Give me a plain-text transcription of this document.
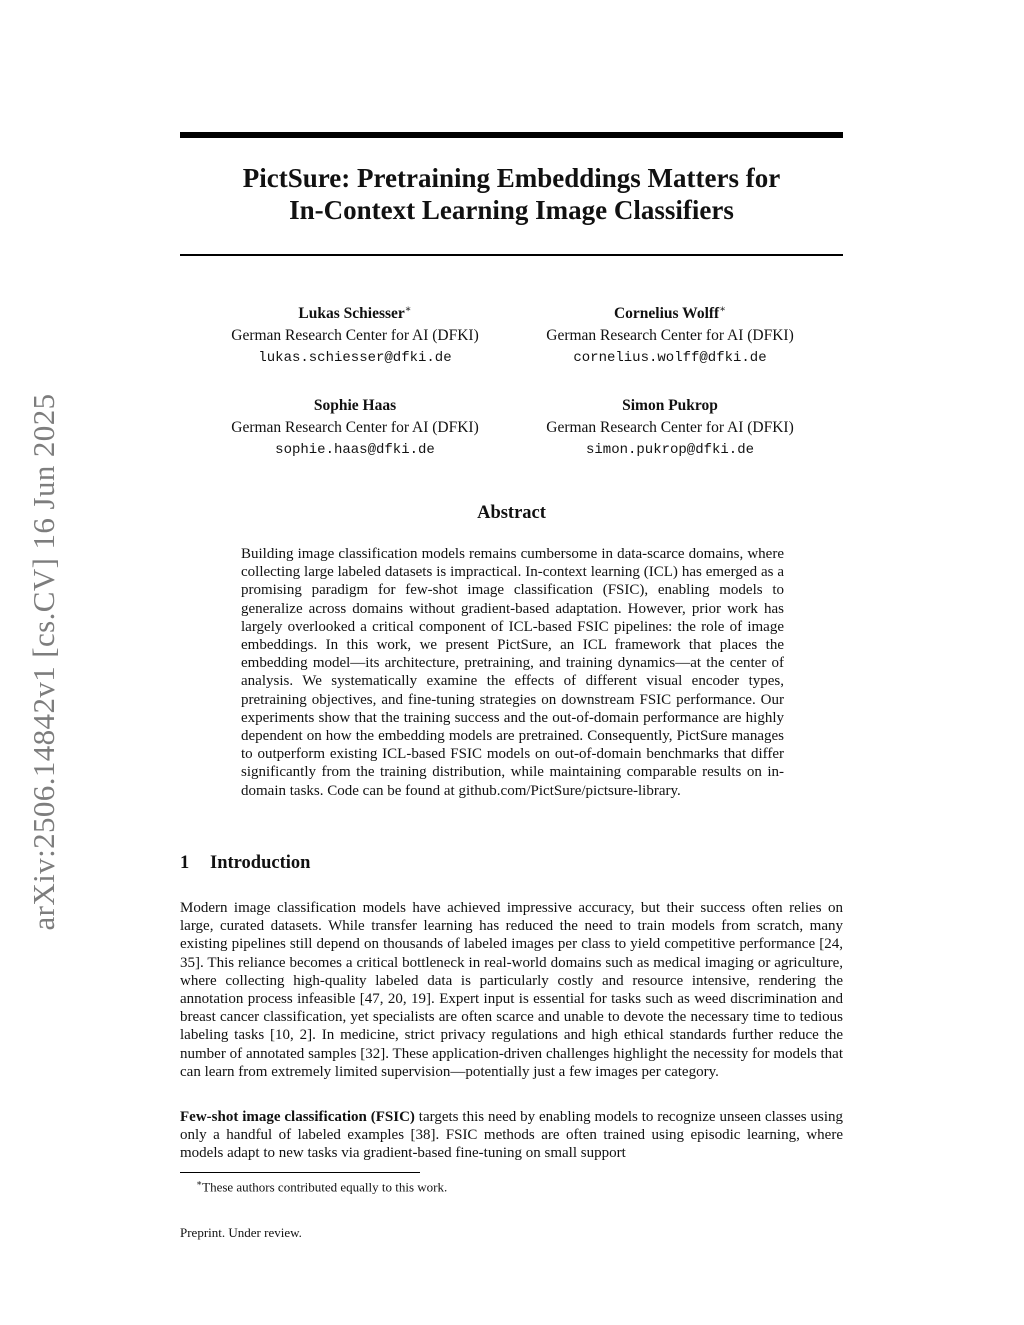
arXiv:2506.14842v1 [cs.CV] 16 Jun 2025
PictSure: Pretraining Embeddings Matters for
In-Context Learning Image Classifiers
Lukas Schiesser∗
German Research Center for AI (DFKI)
lukas.schiesser@dfki.de
Cornelius Wolff∗
German Research Center for AI (DFKI)
cornelius.wolff@dfki.de
Sophie Haas
German Research Center for AI (DFKI)
sophie.haas@dfki.de
Simon Pukrop
German Research Center for AI (DFKI)
simon.pukrop@dfki.de
Abstract

Building image classification models remains cumbersome in data-scarce domains, where collecting large labeled datasets is impractical. In-context learning (ICL) has emerged as a promising paradigm for few-shot image classification (FSIC), enabling models to generalize across domains without gradient-based adaptation. However, prior work has largely overlooked a critical component of ICL-based FSIC pipelines: the role of image embeddings. In this work, we present PictSure, an ICL framework that places the embedding model—its architecture, pretraining, and training dynamics—at the center of analysis. We systematically examine the effects of different visual encoder types, pretraining objectives, and fine-tuning strategies on downstream FSIC performance. Our experiments show that the training success and the out-of-domain performance are highly dependent on how the embedding models are pretrained. Consequently, PictSure manages to outperform existing ICL-based FSIC models on out-of-domain benchmarks that differ significantly from the training distribution, while maintaining comparable results on in-domain tasks. Code can be found at github.com/PictSure/pictsure-library.

1 Introduction

Modern image classification models have achieved impressive accuracy, but their success often relies on large, curated datasets. While transfer learning has reduced the need to train models from scratch, many existing pipelines still depend on thousands of labeled images per class to yield competitive performance [24, 35]. This reliance becomes a critical bottleneck in real-world domains such as medical imaging or agriculture, where collecting high-quality labeled data is particularly costly and resource intensive, rendering the annotation process infeasible [47, 20, 19]. Expert input is essential for tasks such as weed discrimination and breast cancer classification, yet specialists are often scarce and unable to devote the necessary time to tedious labeling tasks [10, 2]. In medicine, strict privacy regulations and high ethical standards further reduce the number of annotated samples [32]. These application-driven challenges highlight the necessity for models that can learn from extremely limited supervision—potentially just a few images per category.

Few-shot image classification (FSIC) targets this need by enabling models to recognize unseen classes using only a handful of labeled examples [38]. FSIC methods are often trained using episodic learning, where models adapt to new tasks via gradient-based fine-tuning on small support

∗These authors contributed equally to this work.

Preprint. Under review.
